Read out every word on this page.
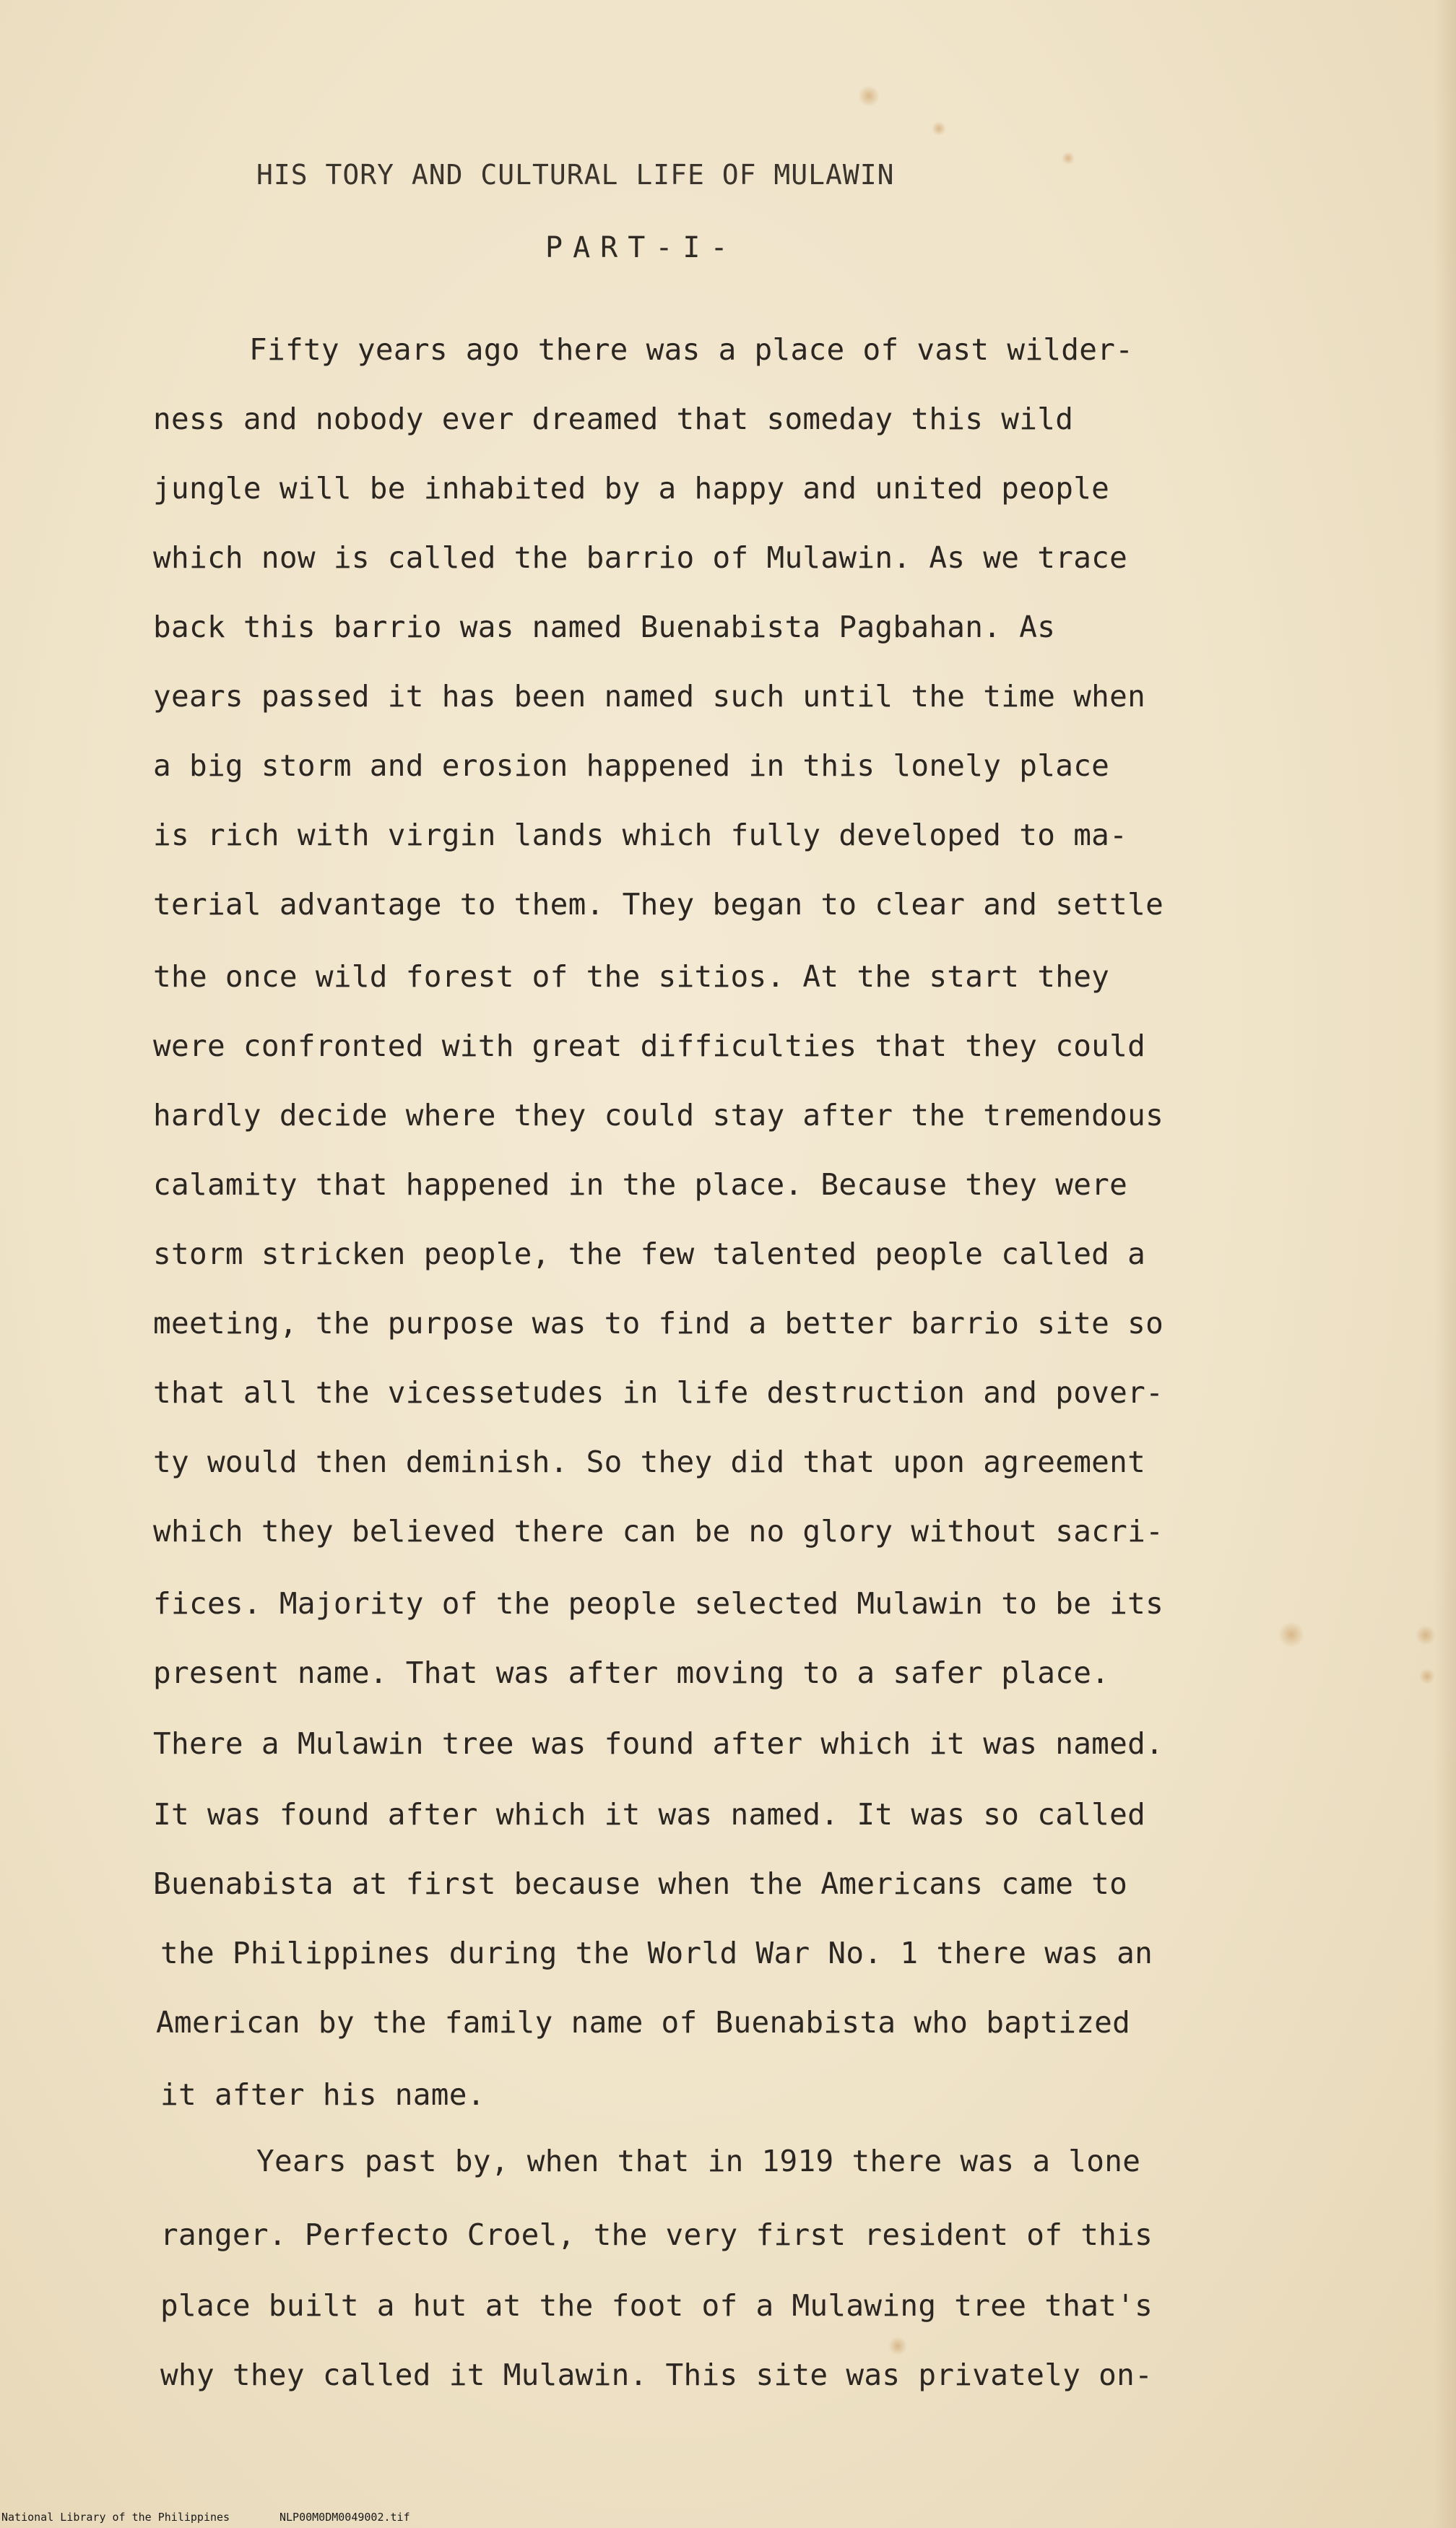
HIS TORY AND CULTURAL LIFE OF MULAWIN
PART-I-
Fifty years ago there was a place of vast wilder-
ness and nobody ever dreamed that someday this wild
jungle will be inhabited by a happy and united people
which now is called the barrio of Mulawin. As we trace
back this barrio was named Buenabista Pagbahan. As
years passed it has been named such until the time when
a big storm and erosion happened in this lonely place
is rich with virgin lands which fully developed to ma-
terial advantage to them. They began to clear and settle
the once wild forest of the sitios. At the start they
were confronted with great difficulties that they could
hardly decide where they could stay after the tremendous
calamity that happened in the place. Because they were
storm stricken people, the few talented people called a
meeting, the purpose was to find a better barrio site so
that all the vicessetudes in life destruction and pover-
ty would then deminish. So they did that upon agreement
which they believed there can be no glory without sacri-
fices. Majority of the people selected Mulawin to be its
present name. That was after moving to a safer place.
There a Mulawin tree was found after which it was named.
It was found after which it was named. It was so called
Buenabista at first because when the Americans came to
the Philippines during the World War No. 1 there was an
American by the family name of Buenabista who baptized
it after his name.
Years past by, when that in 1919 there was a lone
ranger. Perfecto Croel, the very first resident of this
place built a hut at the foot of a Mulawing tree that's
why they called it Mulawin. This site was privately on-
National Library of the Philippines	NLP00M0DM0049002.tif
